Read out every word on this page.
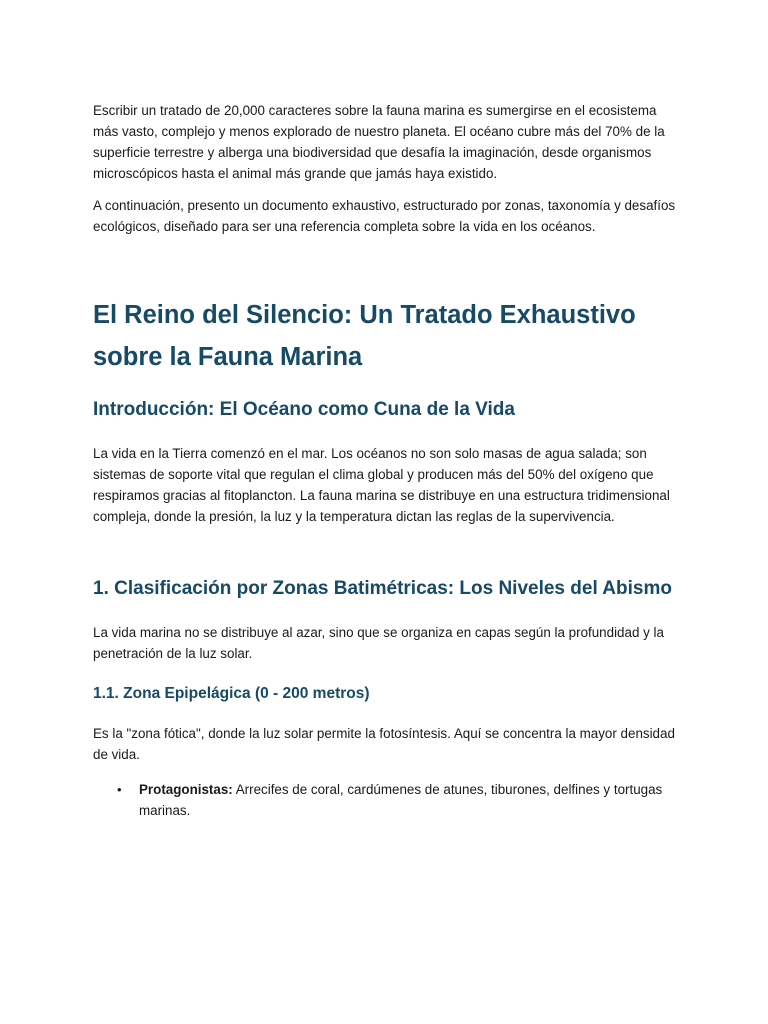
Escribir un tratado de 20,000 caracteres sobre la fauna marina es sumergirse en el ecosistema más vasto, complejo y menos explorado de nuestro planeta. El océano cubre más del 70% de la superficie terrestre y alberga una biodiversidad que desafía la imaginación, desde organismos microscópicos hasta el animal más grande que jamás haya existido.

A continuación, presento un documento exhaustivo, estructurado por zonas, taxonomía y desafíos ecológicos, diseñado para ser una referencia completa sobre la vida en los océanos.

El Reino del Silencio: Un Tratado Exhaustivo sobre la Fauna Marina
Introducción: El Océano como Cuna de la Vida

La vida en la Tierra comenzó en el mar. Los océanos no son solo masas de agua salada; son sistemas de soporte vital que regulan el clima global y producen más del 50% del oxígeno que respiramos gracias al fitoplancton. La fauna marina se distribuye en una estructura tridimensional compleja, donde la presión, la luz y la temperatura dictan las reglas de la supervivencia.

1. Clasificación por Zonas Batimétricas: Los Niveles del Abismo

La vida marina no se distribuye al azar, sino que se organiza en capas según la profundidad y la penetración de la luz solar.

1.1. Zona Epipelágica (0 - 200 metros)

Es la "zona fótica", donde la luz solar permite la fotosíntesis. Aquí se concentra la mayor densidad de vida.

• Protagonistas: Arrecifes de coral, cardúmenes de atunes, tiburones, delfines y tortugas marinas.
